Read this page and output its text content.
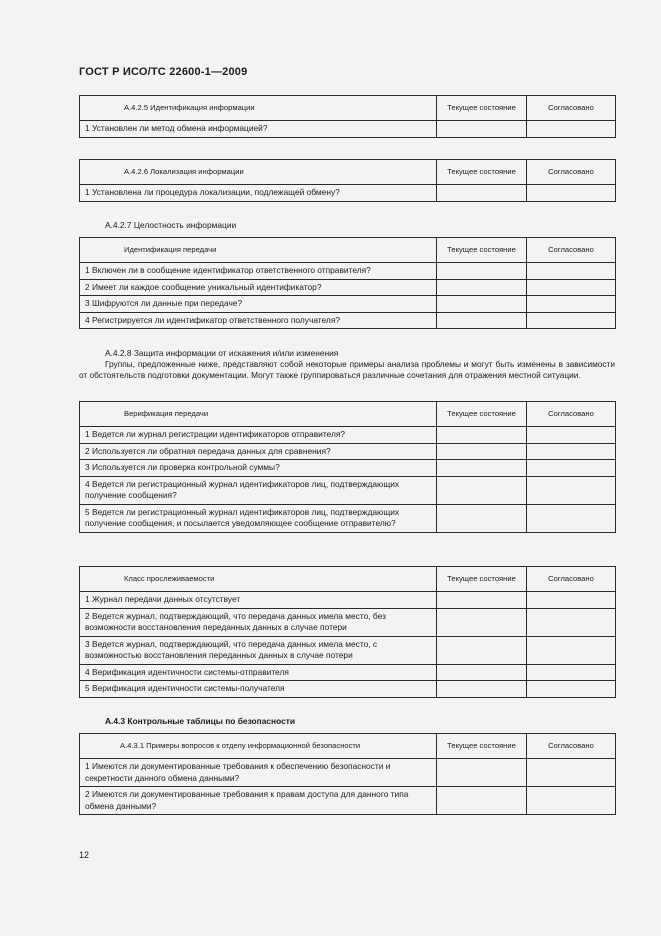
ГОСТ Р ИСО/ТС 22600-1—2009
А.4.2.5 Идентификация информации	Текущее состояние	Согласовано
1 Установлен ли метод обмена информацией?		
А.4.2.6 Локализация информации	Текущее состояние	Согласовано
1 Установлена ли процедура локализации, подлежащей обмену?		
А.4.2.7 Целостность информации
Идентификация передачи	Текущее состояние	Согласовано
1 Включен ли в сообщение идентификатор ответственного отправителя?		
2 Имеет ли каждое сообщение уникальный идентификатор?		
3 Шифруются ли данные при передаче?		
4 Регистрируется ли идентификатор ответственного получателя?		
А.4.2.8 Защита информации от искажения и/или изменения
Группы, предложенные ниже, представляют собой некоторые примеры анализа проблемы и могут быть изменены в зависимости от обстоятельств подготовки документации. Могут также группироваться различные сочетания для отражения местной ситуации.
Верификация передачи	Текущее состояние	Согласовано
1 Ведется ли журнал регистрации идентификаторов отправителя?		
2 Используется ли обратная передача данных для сравнения?		
3 Используется ли проверка контрольной суммы?		
4 Ведется ли регистрационный журнал идентификаторов лиц, подтверждающих получение сообщения?		
5 Ведется ли регистрационный журнал идентификаторов лиц, подтверждающих получение сообщения, и посылается уведомляющее сообщение отправителю?		
Класс прослеживаемости	Текущее состояние	Согласовано
1 Журнал передачи данных отсутствует		
2 Ведется журнал, подтверждающий, что передача данных имела место, без возможности восстановления переданных данных в случае потери		
3 Ведется журнал, подтверждающий, что передача данных имела место, с возможностью восстановления переданных данных в случае потери		
4 Верификация идентичности системы-отправителя		
5 Верификация идентичности системы-получателя		
А.4.3 Контрольные таблицы по безопасности
А.4.3.1 Примеры вопросов к отделу информационной безопасности	Текущее состояние	Согласовано
1 Имеются ли документированные требования к обеспечению безопасности и секретности данного обмена данными?		
2 Имеются ли документированные требования к правам доступа для данного типа обмена данными?		
12
